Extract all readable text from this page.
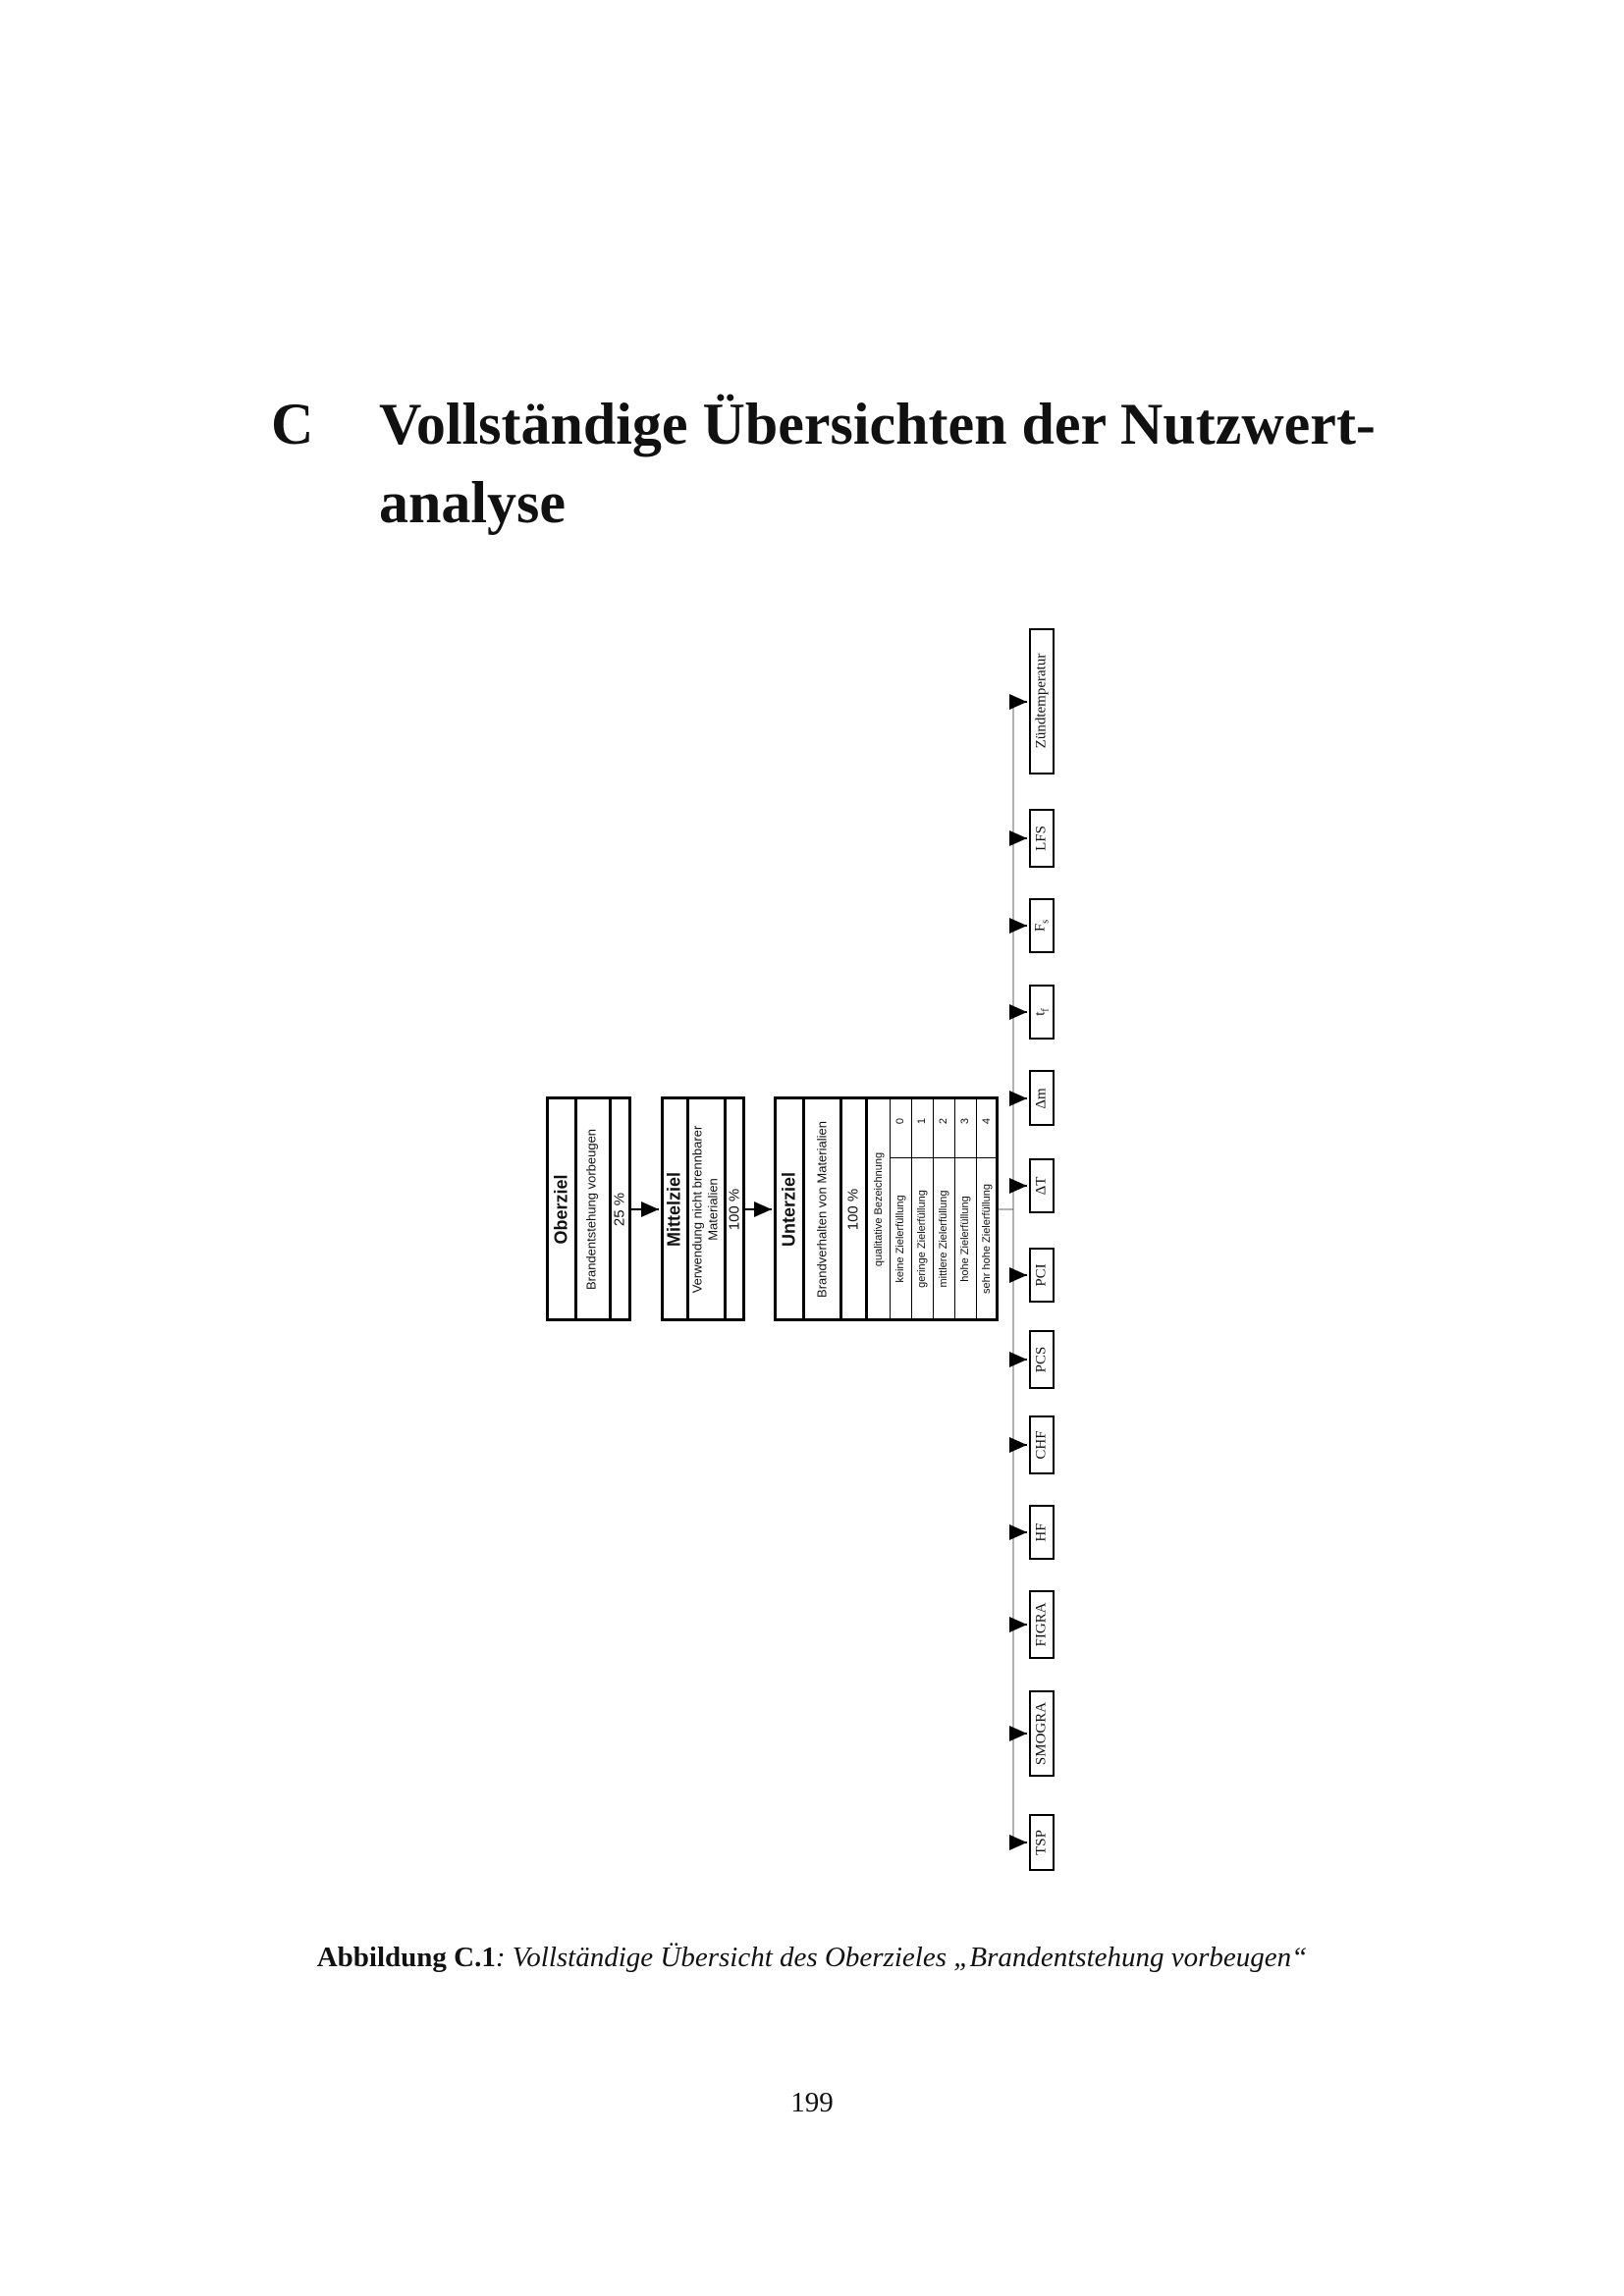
C Vollständige Übersichten der Nutzwert-
analyse
Oberziel Brandentstehung vorbeugen 25 % Mittelziel Verwendung nicht brennbarer Materialien 100 % Unterziel Brandverhalten von Materialien 100 % qualitative Bezeichnung keine Zielerfüllung
0
geringe Zielerfüllung
1
mittlere Zielerfüllung
2
hohe Zielerfüllung
3
sehr hohe Zielerfüllung
4
Zündtemperatur
LFS
$F_s$
$t_f$
Δm
ΔT
PCI
PCS
CHF
HF
FIGRA
SMOGRA
TSP
Abbildung C.1: Vollständige Übersicht des Oberzieles „Brandentstehung vorbeugen“
199
